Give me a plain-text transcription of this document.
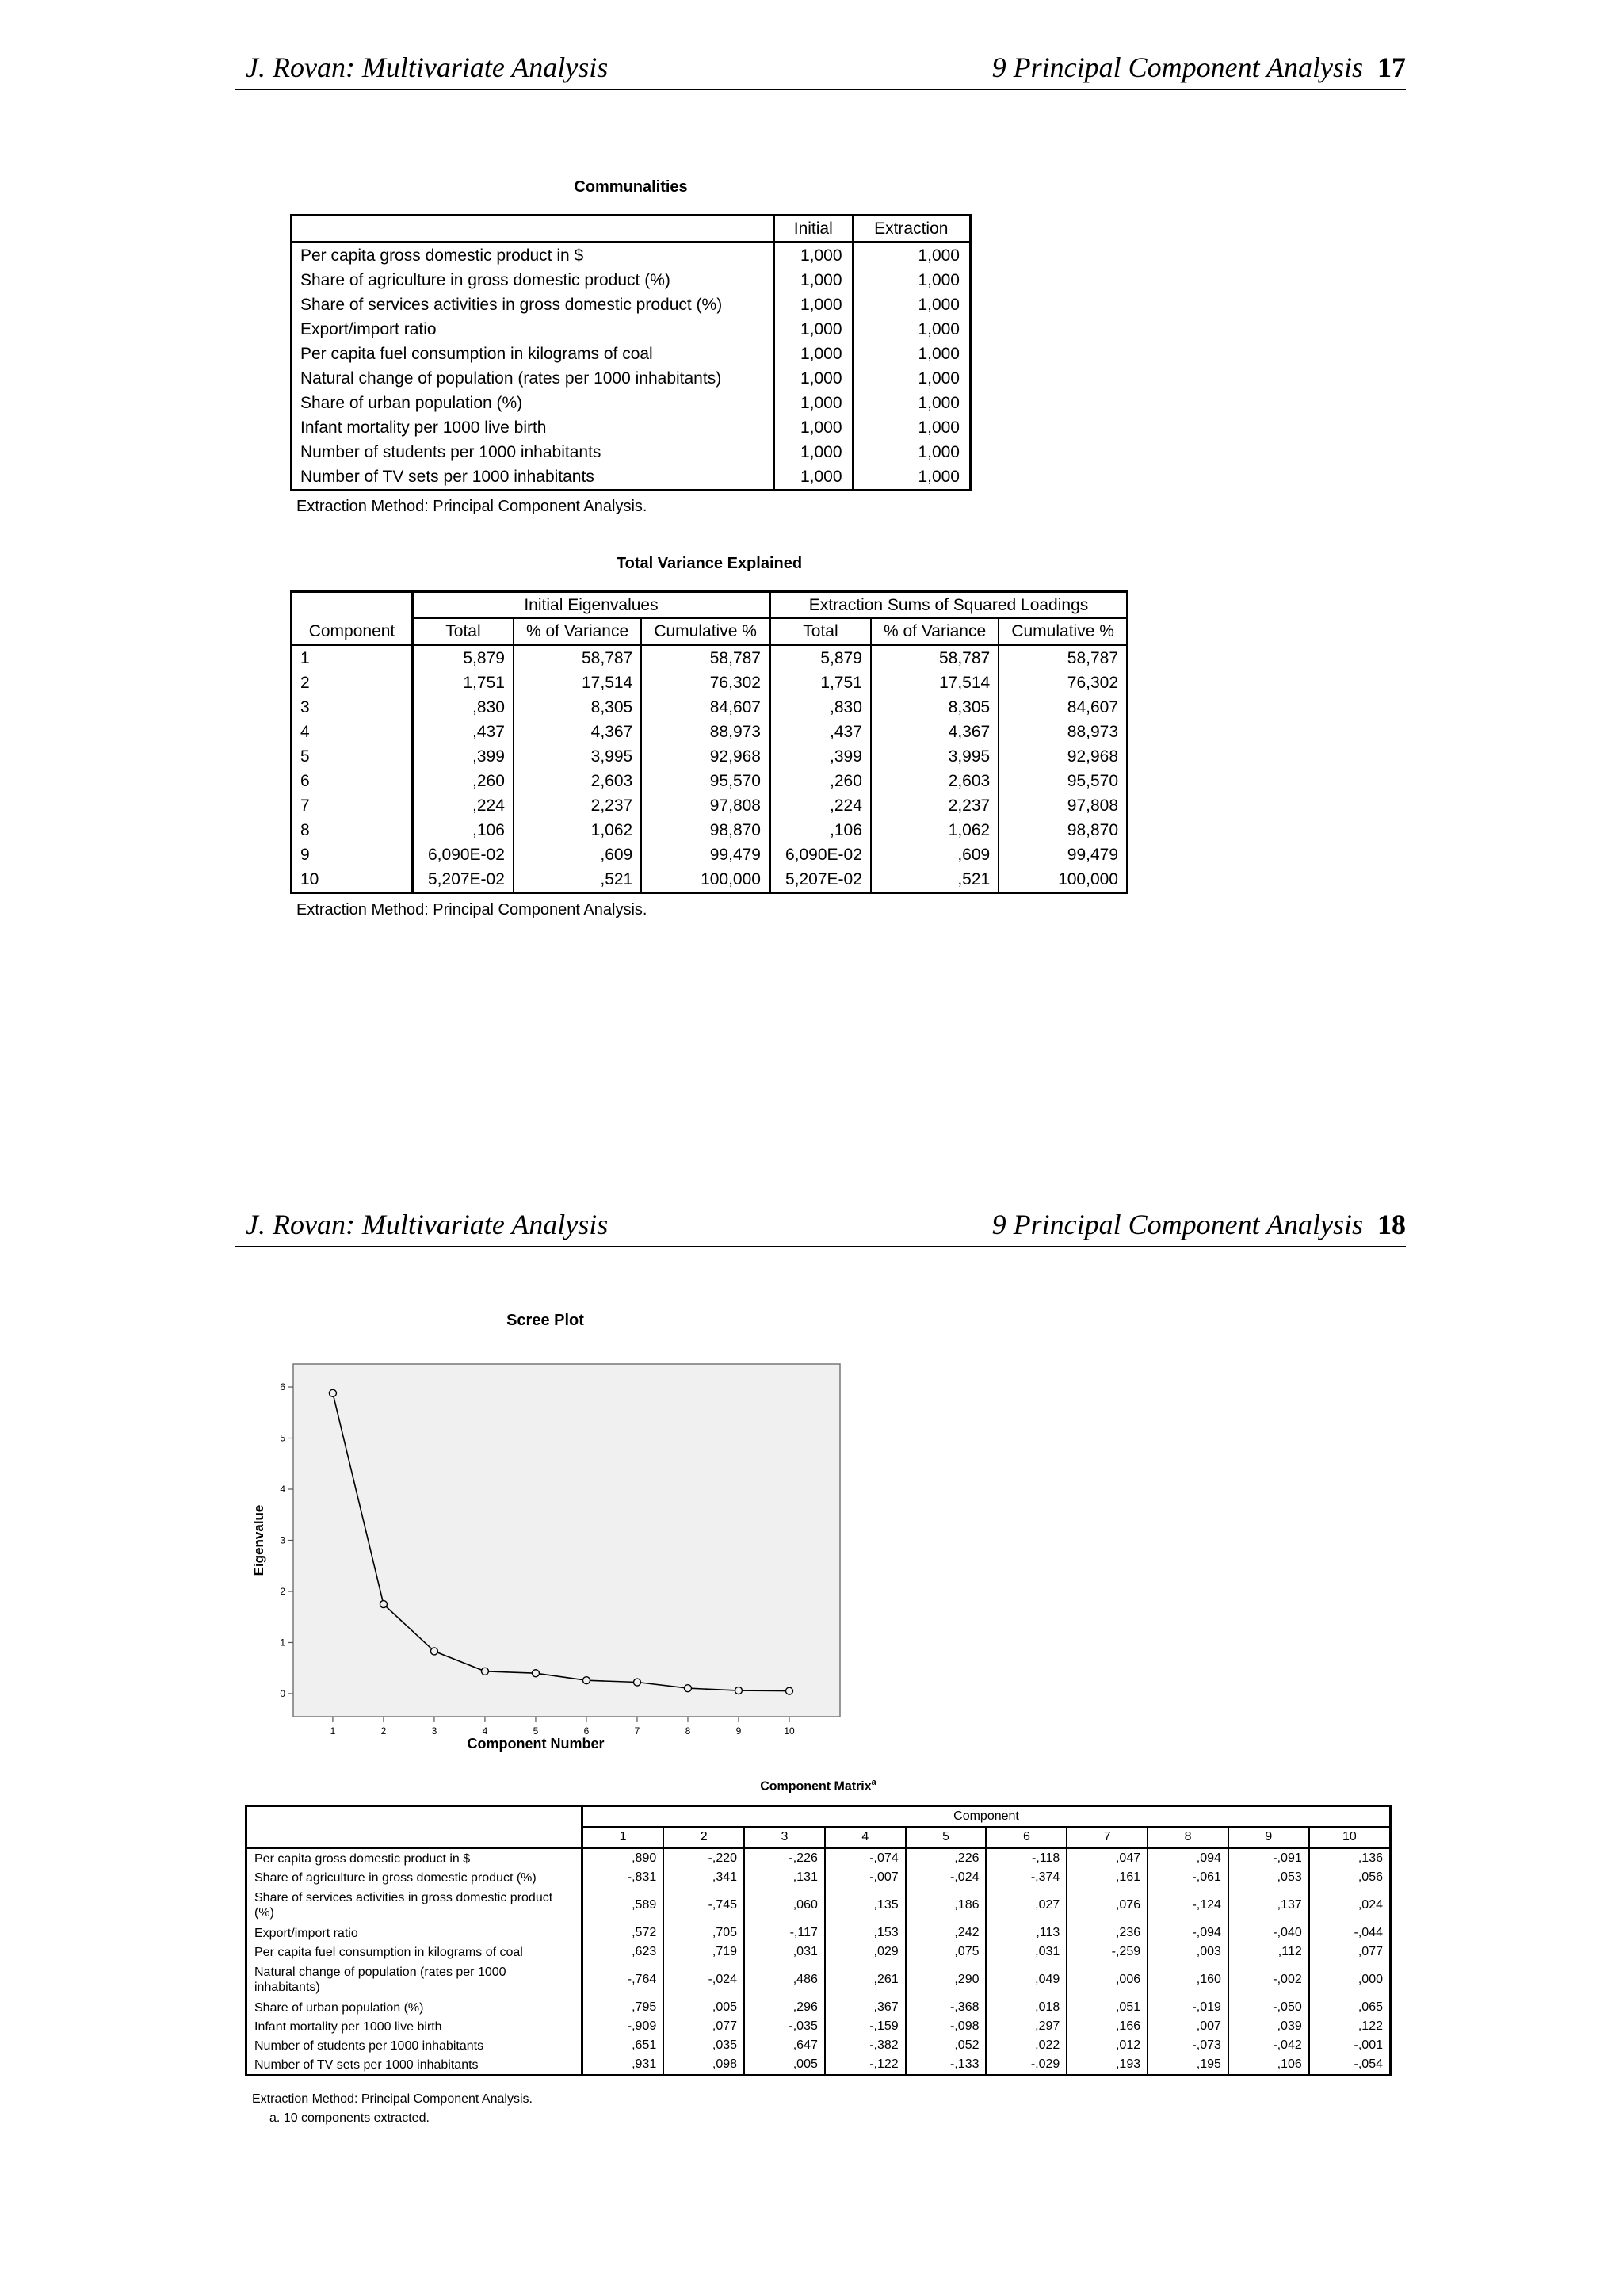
J. Rovan: Multivariate Analysis	9 Principal Component Analysis 17
Communalities
	Initial	Extraction
Per capita gross domestic product in $	1,000	1,000
Share of agriculture in gross domestic product (%)	1,000	1,000
Share of services activities in gross domestic product (%)	1,000	1,000
Export/import ratio	1,000	1,000
Per capita fuel consumption in kilograms of coal	1,000	1,000
Natural change of population (rates per 1000 inhabitants)	1,000	1,000
Share of urban population (%)	1,000	1,000
Infant mortality per 1000 live birth	1,000	1,000
Number of students per 1000 inhabitants	1,000	1,000
Number of TV sets per 1000 inhabitants	1,000	1,000
Extraction Method: Principal Component Analysis.
Total Variance Explained
	Initial Eigenvalues			Extraction Sums of Squared Loadings		
Component	Total	% of Variance	Cumulative %	Total	% of Variance	Cumulative %
1	5,879	58,787	58,787	5,879	58,787	58,787
2	1,751	17,514	76,302	1,751	17,514	76,302
3	,830	8,305	84,607	,830	8,305	84,607
4	,437	4,367	88,973	,437	4,367	88,973
5	,399	3,995	92,968	,399	3,995	92,968
6	,260	2,603	95,570	,260	2,603	95,570
7	,224	2,237	97,808	,224	2,237	97,808
8	,106	1,062	98,870	,106	1,062	98,870
9	6,090E-02	,609	99,479	6,090E-02	,609	99,479
10	5,207E-02	,521	100,000	5,207E-02	,521	100,000
Extraction Method: Principal Component Analysis.
J. Rovan: Multivariate Analysis	9 Principal Component Analysis 18
Scree Plot
0
1
2
3
4
5
6
1	2	3	4	5	6	7	8	9	10
Eigenvalue
Component Number
Component Matrix$^a$
	Component									
	1	2	3	4	5	6	7	8	9	10
Per capita gross domestic product in $	,890	-,220	-,226	-,074	,226	-,118	,047	,094	-,091	,136
Share of agriculture in gross domestic product (%)	-,831	,341	,131	-,007	-,024	-,374	,161	-,061	,053	,056
Share of services activities in gross domestic product (%)	,589	-,745	,060	,135	,186	,027	,076	-,124	,137	,024
Export/import ratio	,572	,705	-,117	,153	,242	,113	,236	-,094	-,040	-,044
Per capita fuel consumption in kilograms of coal	,623	,719	,031	,029	,075	,031	-,259	,003	,112	,077
Natural change of population (rates per 1000 inhabitants)	-,764	-,024	,486	,261	,290	,049	,006	,160	-,002	,000
Share of urban population (%)	,795	,005	,296	,367	-,368	,018	,051	-,019	-,050	,065
Infant mortality per 1000 live birth	-,909	,077	-,035	-,159	-,098	,297	,166	,007	,039	,122
Number of students per 1000 inhabitants	,651	,035	,647	-,382	,052	,022	,012	-,073	-,042	-,001
Number of TV sets per 1000 inhabitants	,931	,098	,005	-,122	-,133	-,029	,193	,195	,106	-,054
Extraction Method: Principal Component Analysis.
a. 10 components extracted.
